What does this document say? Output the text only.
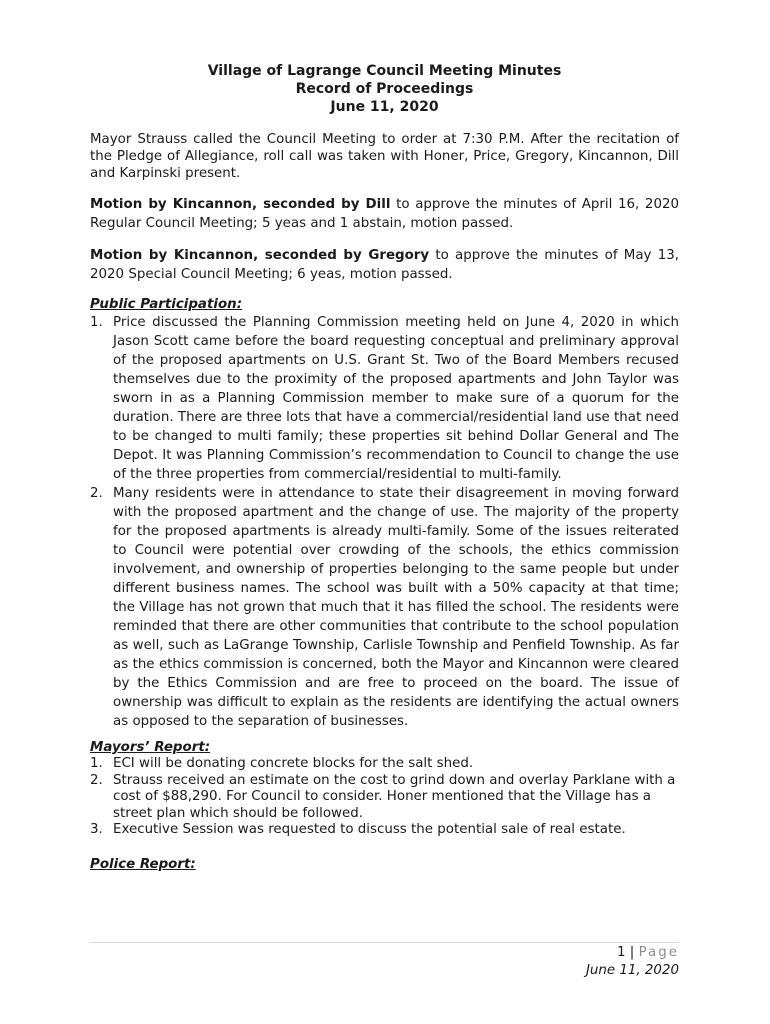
Village of Lagrange Council Meeting Minutes
Record of Proceedings
June 11, 2020

Mayor Strauss called the Council Meeting to order at 7:30 P.M. After the recitation of the Pledge of Allegiance, roll call was taken with Honer, Price, Gregory, Kincannon, Dill and Karpinski present.

Motion by Kincannon, seconded by Dill to approve the minutes of April 16, 2020 Regular Council Meeting; 5 yeas and 1 abstain, motion passed.

Motion by Kincannon, seconded by Gregory to approve the minutes of May 13, 2020 Special Council Meeting; 6 yeas, motion passed.

Public Participation:
1. Price discussed the Planning Commission meeting held on June 4, 2020 in which Jason Scott came before the board requesting conceptual and preliminary approval of the proposed apartments on U.S. Grant St. Two of the Board Members recused themselves due to the proximity of the proposed apartments and John Taylor was sworn in as a Planning Commission member to make sure of a quorum for the duration. There are three lots that have a commercial/residential land use that need to be changed to multi family; these properties sit behind Dollar General and The Depot. It was Planning Commission’s recommendation to Council to change the use of the three properties from commercial/residential to multi-family.
2. Many residents were in attendance to state their disagreement in moving forward with the proposed apartment and the change of use. The majority of the property for the proposed apartments is already multi-family. Some of the issues reiterated to Council were potential over crowding of the schools, the ethics commission involvement, and ownership of properties belonging to the same people but under different business names. The school was built with a 50% capacity at that time; the Village has not grown that much that it has filled the school. The residents were reminded that there are other communities that contribute to the school population as well, such as LaGrange Township, Carlisle Township and Penfield Township. As far as the ethics commission is concerned, both the Mayor and Kincannon were cleared by the Ethics Commission and are free to proceed on the board. The issue of ownership was difficult to explain as the residents are identifying the actual owners as opposed to the separation of businesses.
Mayors’ Report:
1. ECI will be donating concrete blocks for the salt shed.
2. Strauss received an estimate on the cost to grind down and overlay Parklane with a cost of $88,290. For Council to consider. Honer mentioned that the Village has a street plan which should be followed.
3. Executive Session was requested to discuss the potential sale of real estate.
Police Report:
1 | Page
June 11, 2020
